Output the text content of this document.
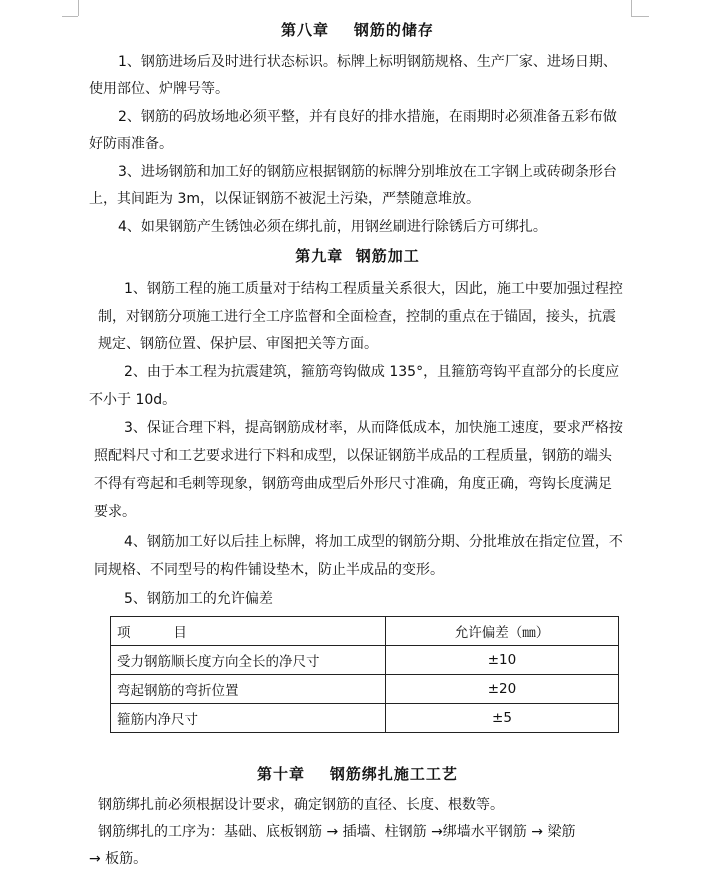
第八章    钢筋的储存
1、钢筋进场后及时进行状态标识。标牌上标明钢筋规格、生产厂家、进场日期、
使用部位、炉牌号等。
2、钢筋的码放场地必须平整，并有良好的排水措施，在雨期时必须准备五彩布做
好防雨准备。
3、进场钢筋和加工好的钢筋应根据钢筋的标牌分别堆放在工字钢上或砖砌条形台
上，其间距为 3m，以保证钢筋不被泥土污染，严禁随意堆放。
4、如果钢筋产生锈蚀必须在绑扎前，用钢丝刷进行除锈后方可绑扎。
第九章  钢筋加工
1、钢筋工程的施工质量对于结构工程质量关系很大，因此，施工中要加强过程控
制，对钢筋分项施工进行全工序监督和全面检查，控制的重点在于锚固，接头，抗震
规定、钢筋位置、保护层、审图把关等方面。
2、由于本工程为抗震建筑，箍筋弯钩做成 135°，且箍筋弯钩平直部分的长度应
不小于 10d。
3、保证合理下料，提高钢筋成材率，从而降低成本，加快施工速度，要求严格按
照配料尺寸和工艺要求进行下料和成型，以保证钢筋半成品的工程质量，钢筋的端头
不得有弯起和毛刺等现象，钢筋弯曲成型后外形尺寸准确，角度正确，弯钩长度满足
要求。
4、钢筋加工好以后挂上标牌，将加工成型的钢筋分期、分批堆放在指定位置，不
同规格、不同型号的构件铺设垫木，防止半成品的变形。
5、钢筋加工的允许偏差
项          目	允许偏差（㎜）
受力钢筋顺长度方向全长的净尺寸	±10
弯起钢筋的弯折位置	±20
箍筋内净尺寸	±5
第十章    钢筋绑扎施工工艺
钢筋绑扎前必须根据设计要求，确定钢筋的直径、长度、根数等。
钢筋绑扎的工序为：基础、底板钢筋 → 插墙、柱钢筋 →绑墙水平钢筋 → 梁筋
→ 板筋。
